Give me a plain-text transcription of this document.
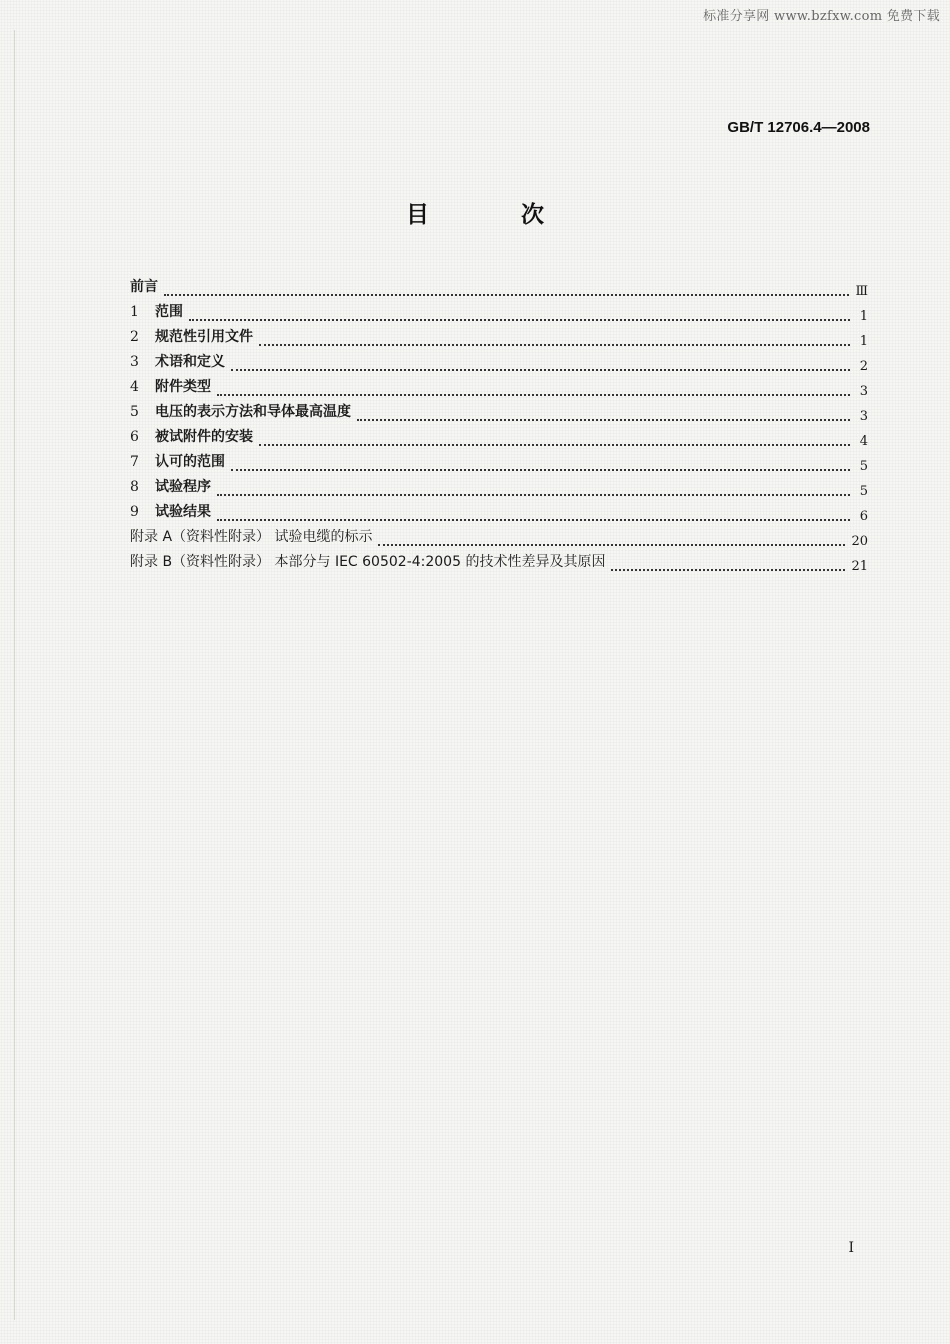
标准分享网 www.bzfxw.com 免费下载
GB/T 12706.4—2008
目 次
前言	Ⅲ
1	范围	1
2	规范性引用文件	1
3	术语和定义	2
4	附件类型	3
5	电压的表示方法和导体最高温度	3
6	被试附件的安装	4
7	认可的范围	5
8	试验程序	5
9	试验结果	6
附录 A（资料性附录） 试验电缆的标示	20
附录 B（资料性附录） 本部分与 IEC 60502-4:2005 的技术性差异及其原因	21
I
